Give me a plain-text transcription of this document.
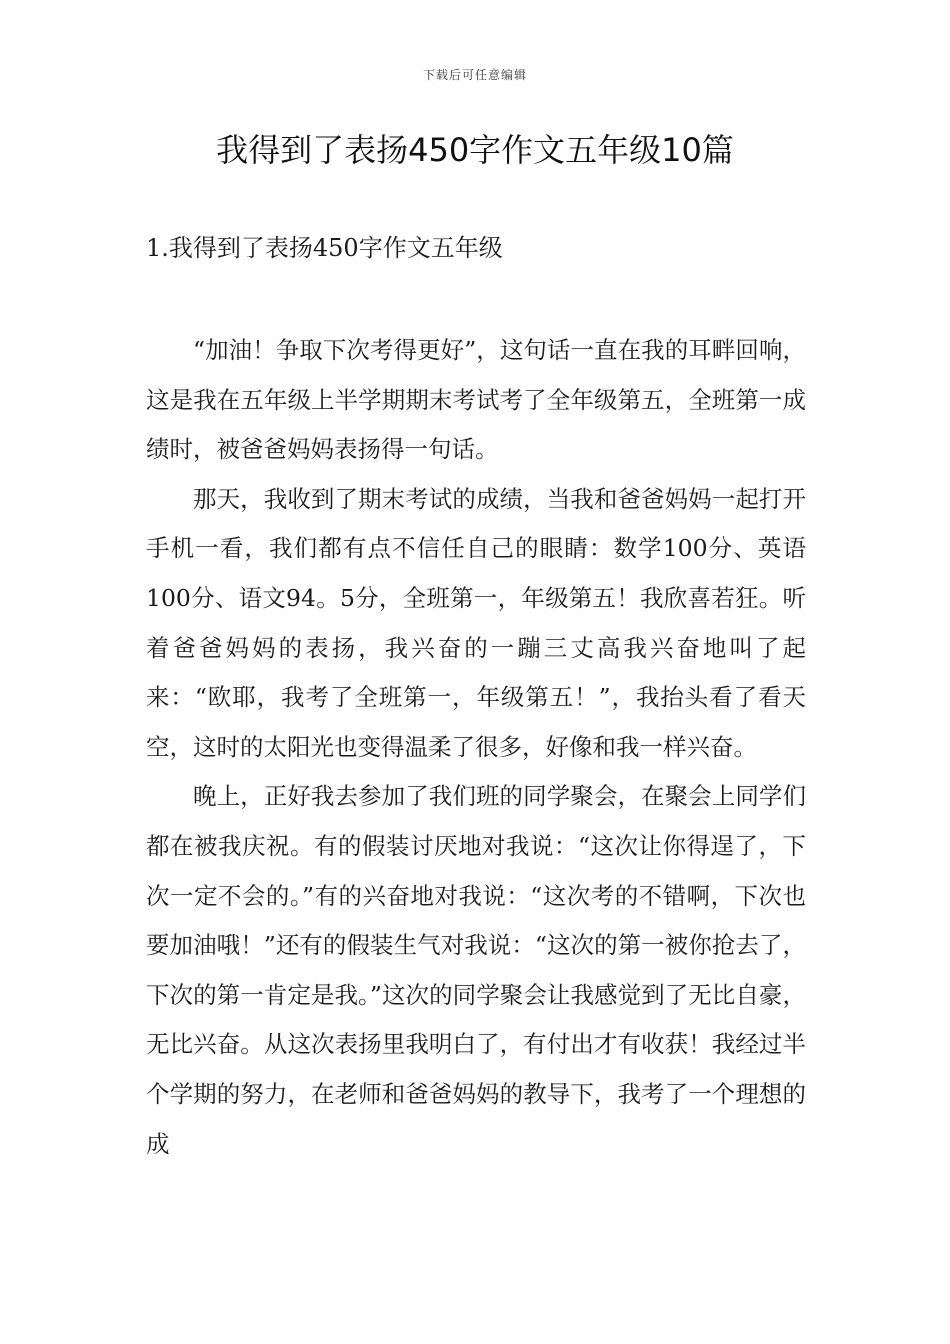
下载后可任意编辑
我得到了表扬450字作文五年级10篇
1.我得到了表扬450字作文五年级

“加油！争取下次考得更好”，这句话一直在我的耳畔回响，这是我在五年级上半学期期末考试考了全年级第五，全班第一成绩时，被爸爸妈妈表扬得一句话。

那天，我收到了期末考试的成绩，当我和爸爸妈妈一起打开手机一看，我们都有点不信任自己的眼睛：数学100分、英语100分、语文94。5分，全班第一，年级第五！我欣喜若狂。听着爸爸妈妈的表扬，我兴奋的一蹦三丈高我兴奋地叫了起来：“欧耶，我考了全班第一，年级第五！”，我抬头看了看天空，这时的太阳光也变得温柔了很多，好像和我一样兴奋。

晚上，正好我去参加了我们班的同学聚会，在聚会上同学们都在被我庆祝。有的假装讨厌地对我说：“这次让你得逞了，下次一定不会的。”有的兴奋地对我说：“这次考的不错啊，下次也要加油哦！”还有的假装生气对我说：“这次的第一被你抢去了，下次的第一肯定是我。”这次的同学聚会让我感觉到了无比自豪，无比兴奋。从这次表扬里我明白了，有付出才有收获！我经过半个学期的努力，在老师和爸爸妈妈的教导下，我考了一个理想的成
